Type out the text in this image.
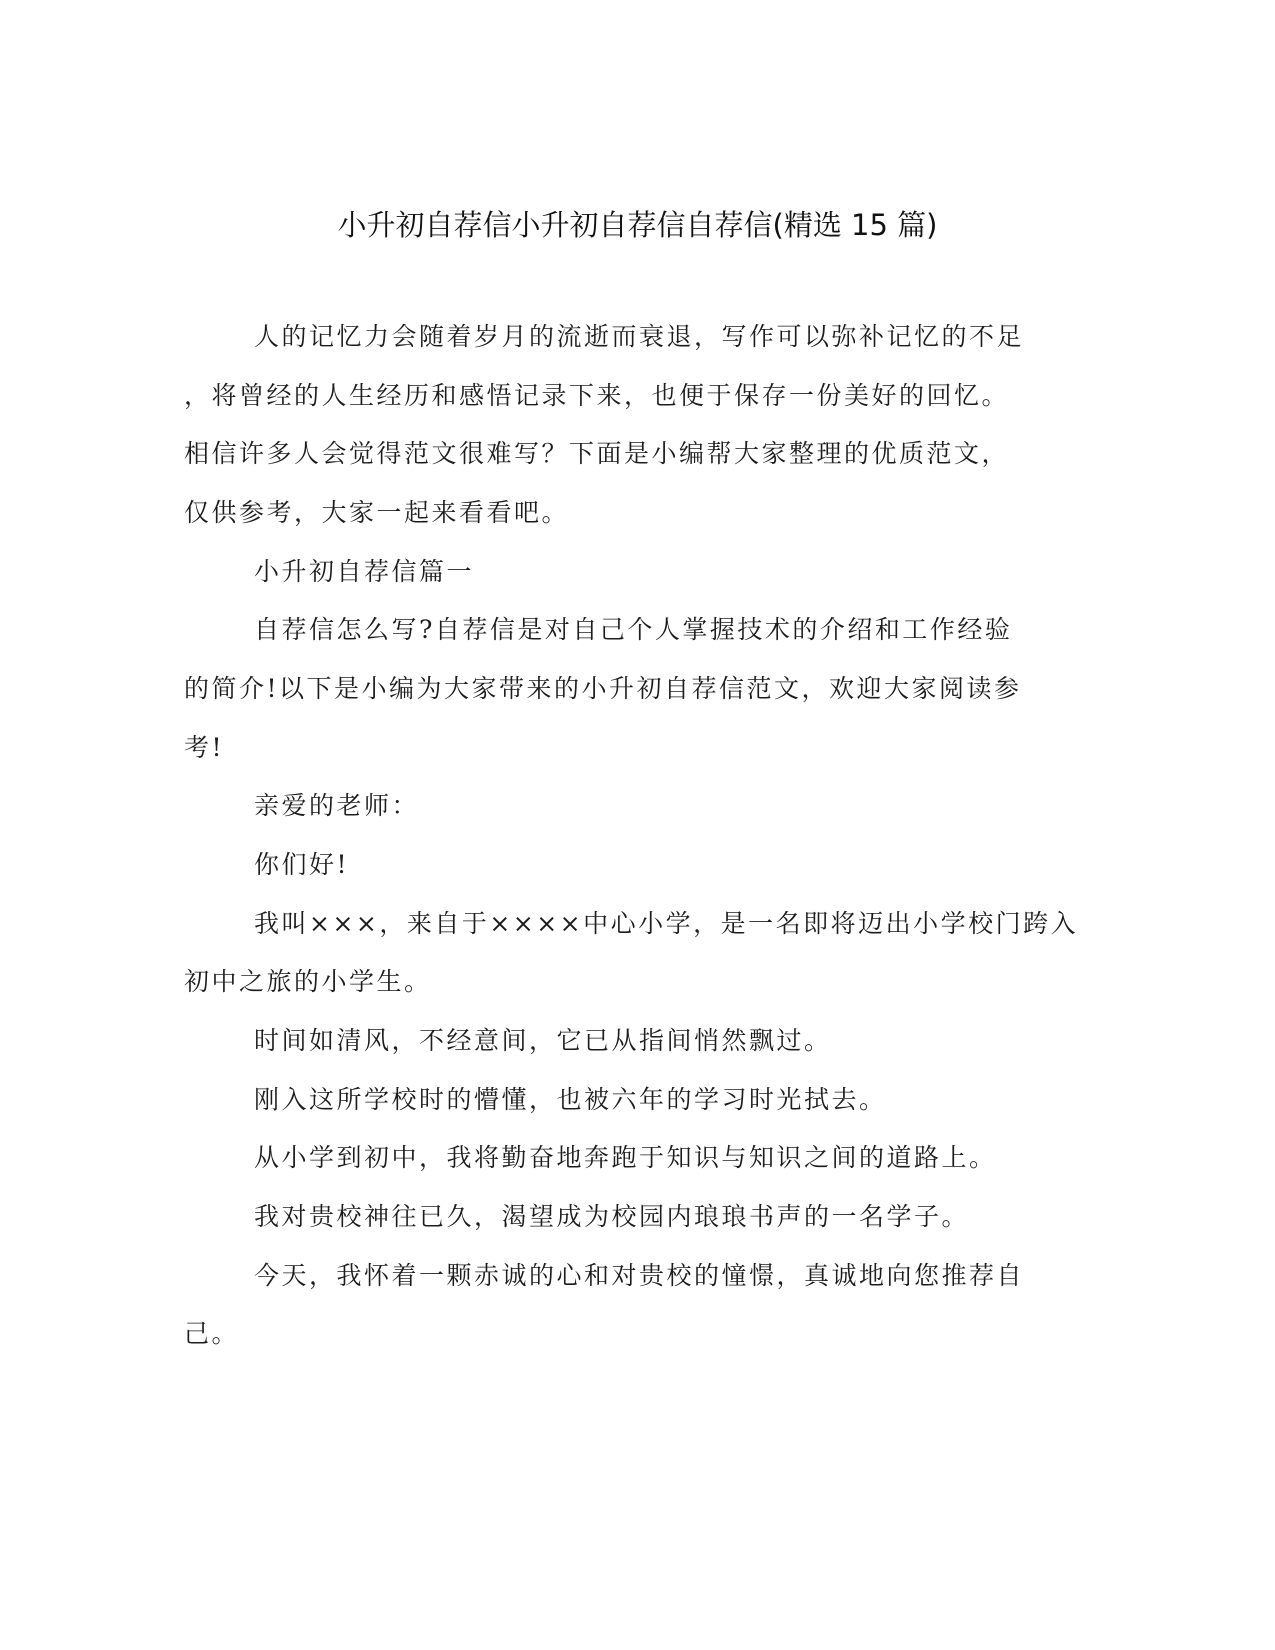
小升初自荐信小升初自荐信自荐信(精选 15 篇)
人的记忆力会随着岁月的流逝而衰退，写作可以弥补记忆的不足
，将曾经的人生经历和感悟记录下来，也便于保存一份美好的回忆。
相信许多人会觉得范文很难写？下面是小编帮大家整理的优质范文，
仅供参考，大家一起来看看吧。
小升初自荐信篇一
自荐信怎么写?自荐信是对自己个人掌握技术的介绍和工作经验
的简介!以下是小编为大家带来的小升初自荐信范文，欢迎大家阅读参
考!
亲爱的老师：
你们好!
我叫×××，来自于××××中心小学，是一名即将迈出小学校门跨入
初中之旅的小学生。
时间如清风，不经意间，它已从指间悄然飘过。
刚入这所学校时的懵懂，也被六年的学习时光拭去。
从小学到初中，我将勤奋地奔跑于知识与知识之间的道路上。
我对贵校神往已久，渴望成为校园内琅琅书声的一名学子。
今天，我怀着一颗赤诚的心和对贵校的憧憬，真诚地向您推荐自
己。
